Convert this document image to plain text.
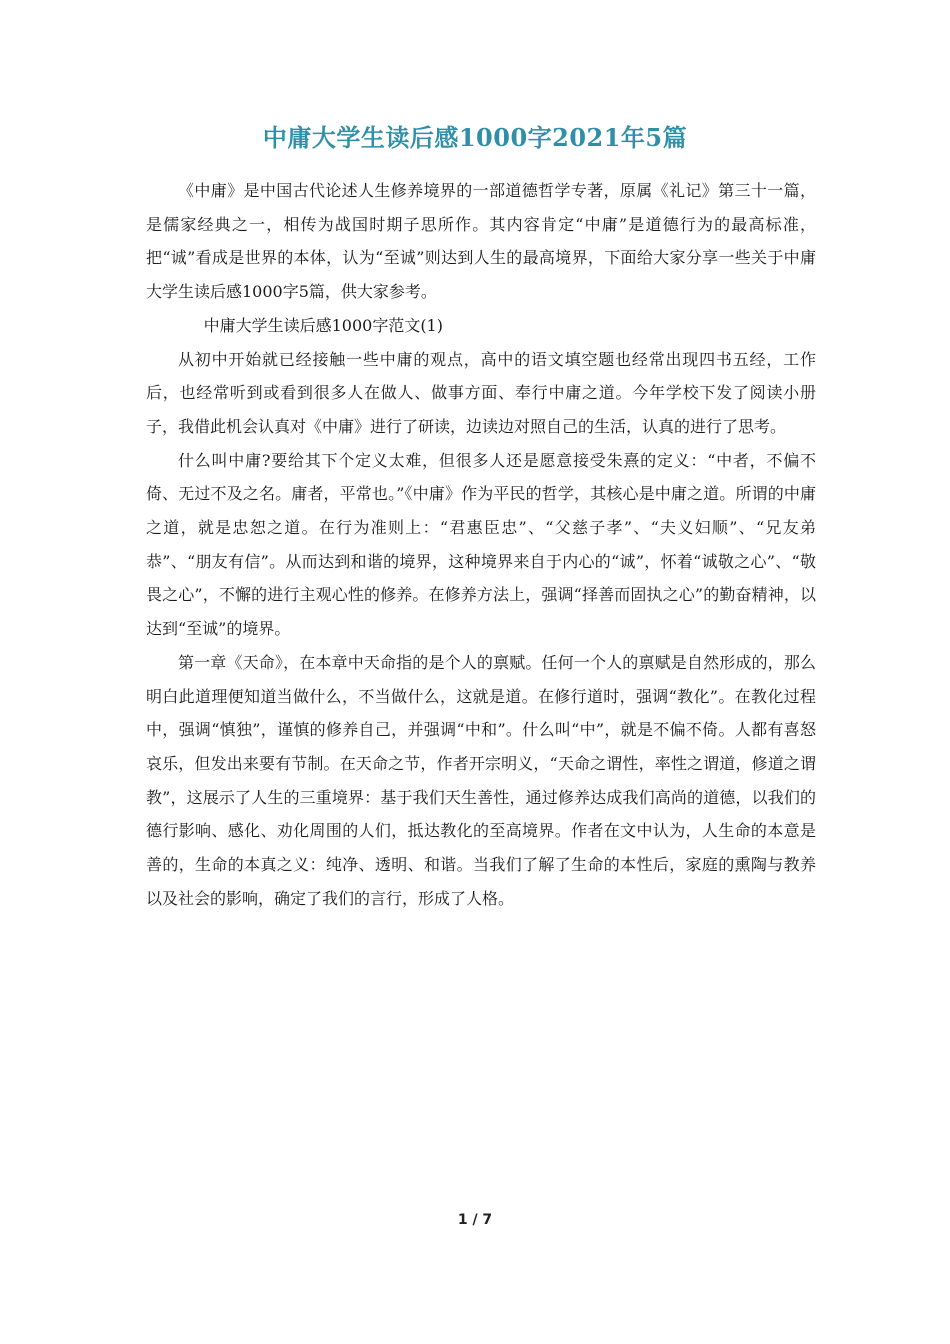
中庸大学生读后感1000字2021年5篇

《中庸》是中国古代论述人生修养境界的一部道德哲学专著，原属《礼记》第三十一篇，是儒家经典之一，相传为战国时期子思所作。其内容肯定“中庸”是道德行为的最高标准，把“诚”看成是世界的本体，认为“至诚”则达到人生的最高境界，下面给大家分享一些关于中庸大学生读后感1000字5篇，供大家参考。

中庸大学生读后感1000字范文(1)

从初中开始就已经接触一些中庸的观点，高中的语文填空题也经常出现四书五经，工作后，也经常听到或看到很多人在做人、做事方面、奉行中庸之道。今年学校下发了阅读小册子，我借此机会认真对《中庸》进行了研读，边读边对照自己的生活，认真的进行了思考。

什么叫中庸?要给其下个定义太难，但很多人还是愿意接受朱熹的定义：“中者，不偏不倚、无过不及之名。庸者，平常也。”《中庸》作为平民的哲学，其核心是中庸之道。所谓的中庸之道，就是忠恕之道。在行为准则上：“君惠臣忠”、“父慈子孝”、“夫义妇顺”、“兄友弟恭”、“朋友有信”。从而达到和谐的境界，这种境界来自于内心的“诚”，怀着“诚敬之心”、“敬畏之心”，不懈的进行主观心性的修养。在修养方法上，强调“择善而固执之心”的勤奋精神，以达到“至诚”的境界。

第一章《天命》，在本章中天命指的是个人的禀赋。任何一个人的禀赋是自然形成的，那么明白此道理便知道当做什么，不当做什么，这就是道。在修行道时，强调“教化”。在教化过程中，强调“慎独”，谨慎的修养自己，并强调“中和”。什么叫“中”，就是不偏不倚。人都有喜怒哀乐，但发出来要有节制。在天命之节，作者开宗明义，“天命之谓性，率性之谓道，修道之谓教”，这展示了人生的三重境界：基于我们天生善性，通过修养达成我们高尚的道德，以我们的德行影响、感化、劝化周围的人们，抵达教化的至高境界。作者在文中认为，人生命的本意是善的，生命的本真之义：纯净、透明、和谐。当我们了解了生命的本性后，家庭的熏陶与教养以及社会的影响，确定了我们的言行，形成了人格。

1 / 7
